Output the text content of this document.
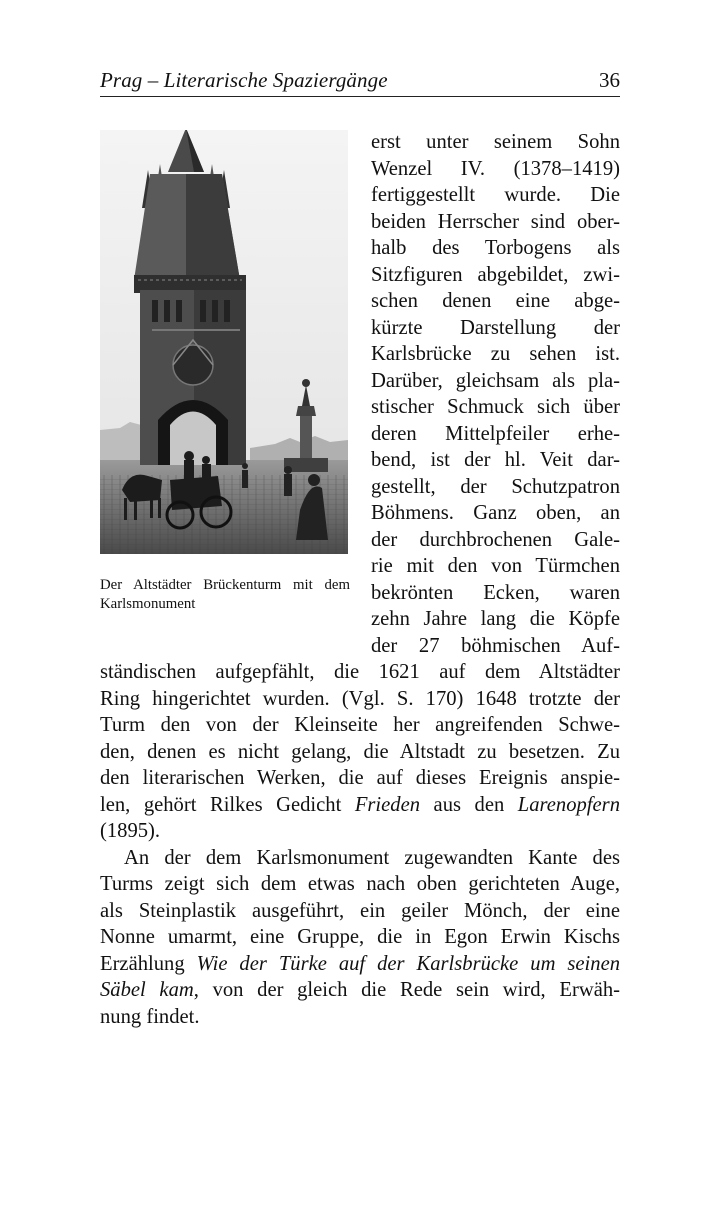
Prag – Literarische Spaziergänge	36
Der Altstädter Brückenturm mit dem Karlsmonument
erst unter seinem Sohn
Wenzel IV. (1378–1419)
fertiggestellt wurde. Die
beiden Herrscher sind ober-
halb des Torbogens als
Sitzfiguren abgebildet, zwi-
schen denen eine abge-
kürzte Darstellung der
Karlsbrücke zu sehen ist.
Darüber, gleichsam als pla-
stischer Schmuck sich über
deren Mittelpfeiler erhe-
bend, ist der hl. Veit dar-
gestellt, der Schutzpatron
Böhmens. Ganz oben, an
der durchbrochenen Gale-
rie mit den von Türmchen
bekrönten Ecken, waren
zehn Jahre lang die Köpfe
der 27 böhmischen Auf-
ständischen aufgepfählt, die 1621 auf dem Altstädter
Ring hingerichtet wurden. (Vgl. S. 170) 1648 trotzte der
Turm den von der Kleinseite her angreifenden Schwe-
den, denen es nicht gelang, die Altstadt zu besetzen. Zu
den literarischen Werken, die auf dieses Ereignis anspie-
len, gehört Rilkes Gedicht Frieden aus den Larenopfern
(1895).
An der dem Karlsmonument zugewandten Kante des
Turms zeigt sich dem etwas nach oben gerichteten Auge,
als Steinplastik ausgeführt, ein geiler Mönch, der eine
Nonne umarmt, eine Gruppe, die in Egon Erwin Kischs
Erzählung Wie der Türke auf der Karlsbrücke um seinen
Säbel kam, von der gleich die Rede sein wird, Erwäh-
nung findet.
